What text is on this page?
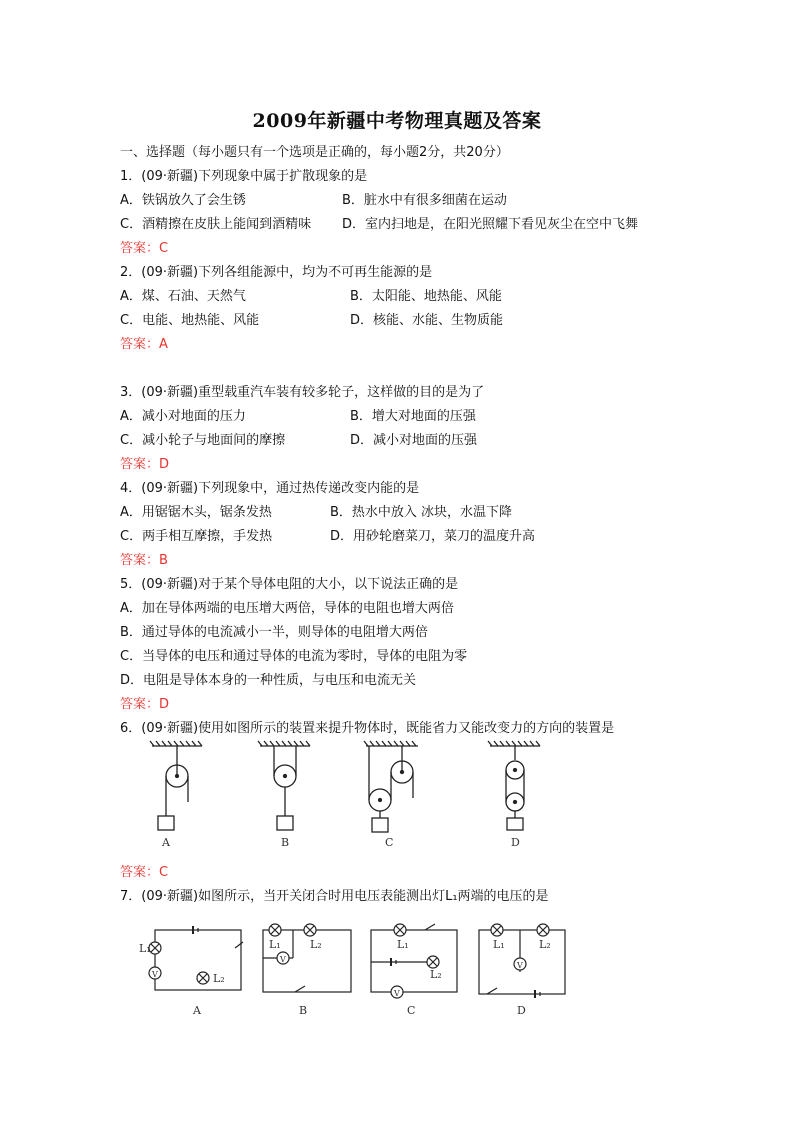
2009年新疆中考物理真题及答案
一、选择题（每小题只有一个选项是正确的，每小题2分，共20分）
1．(09·新疆)下列现象中属于扩散现象的是
A．铁锅放久了会生锈	B．脏水中有很多细菌在运动
C．酒精擦在皮肤上能闻到酒精味 D．室内扫地是，在阳光照耀下看见灰尘在空中飞舞
答案：C
2．(09·新疆)下列各组能源中，均为不可再生能源的是
A．煤、石油、天然气	B．太阳能、地热能、风能
C．电能、地热能、风能	D．核能、水能、生物质能
答案：A
3．(09·新疆)重型载重汽车装有较多轮子，这样做的目的是为了
A．减小对地面的压力	B．增大对地面的压强
C．减小轮子与地面间的摩擦	D．减小对地面的压强
答案：D
4．(09·新疆)下列现象中，通过热传递改变内能的是
A．用锯锯木头，锯条发热	B．热水中放入 冰块，水温下降
C．两手相互摩擦，手发热	D．用砂轮磨菜刀，菜刀的温度升高
答案：B
5．(09·新疆)对于某个导体电阻的大小，以下说法正确的是
A．加在导体两端的电压增大两倍，导体的电阻也增大两倍
B．通过导体的电流减小一半，则导体的电阻增大两倍
C．当导体的电压和通过导体的电流为零时，导体的电阻为零
D．电阻是导体本身的一种性质，与电压和电流无关
答案：D
6．(09·新疆)使用如图所示的装置来提升物体时，既能省力又能改变力的方向的装置是
A	B	C	D
答案：C
7．(09·新疆)如图所示，当开关闭合时用电压表能测出灯L₁两端的电压的是
L₁
V	L₂
L₁	L₂
V
L₁
L₂
V
L₁	L₂
V
A	B	C	D
